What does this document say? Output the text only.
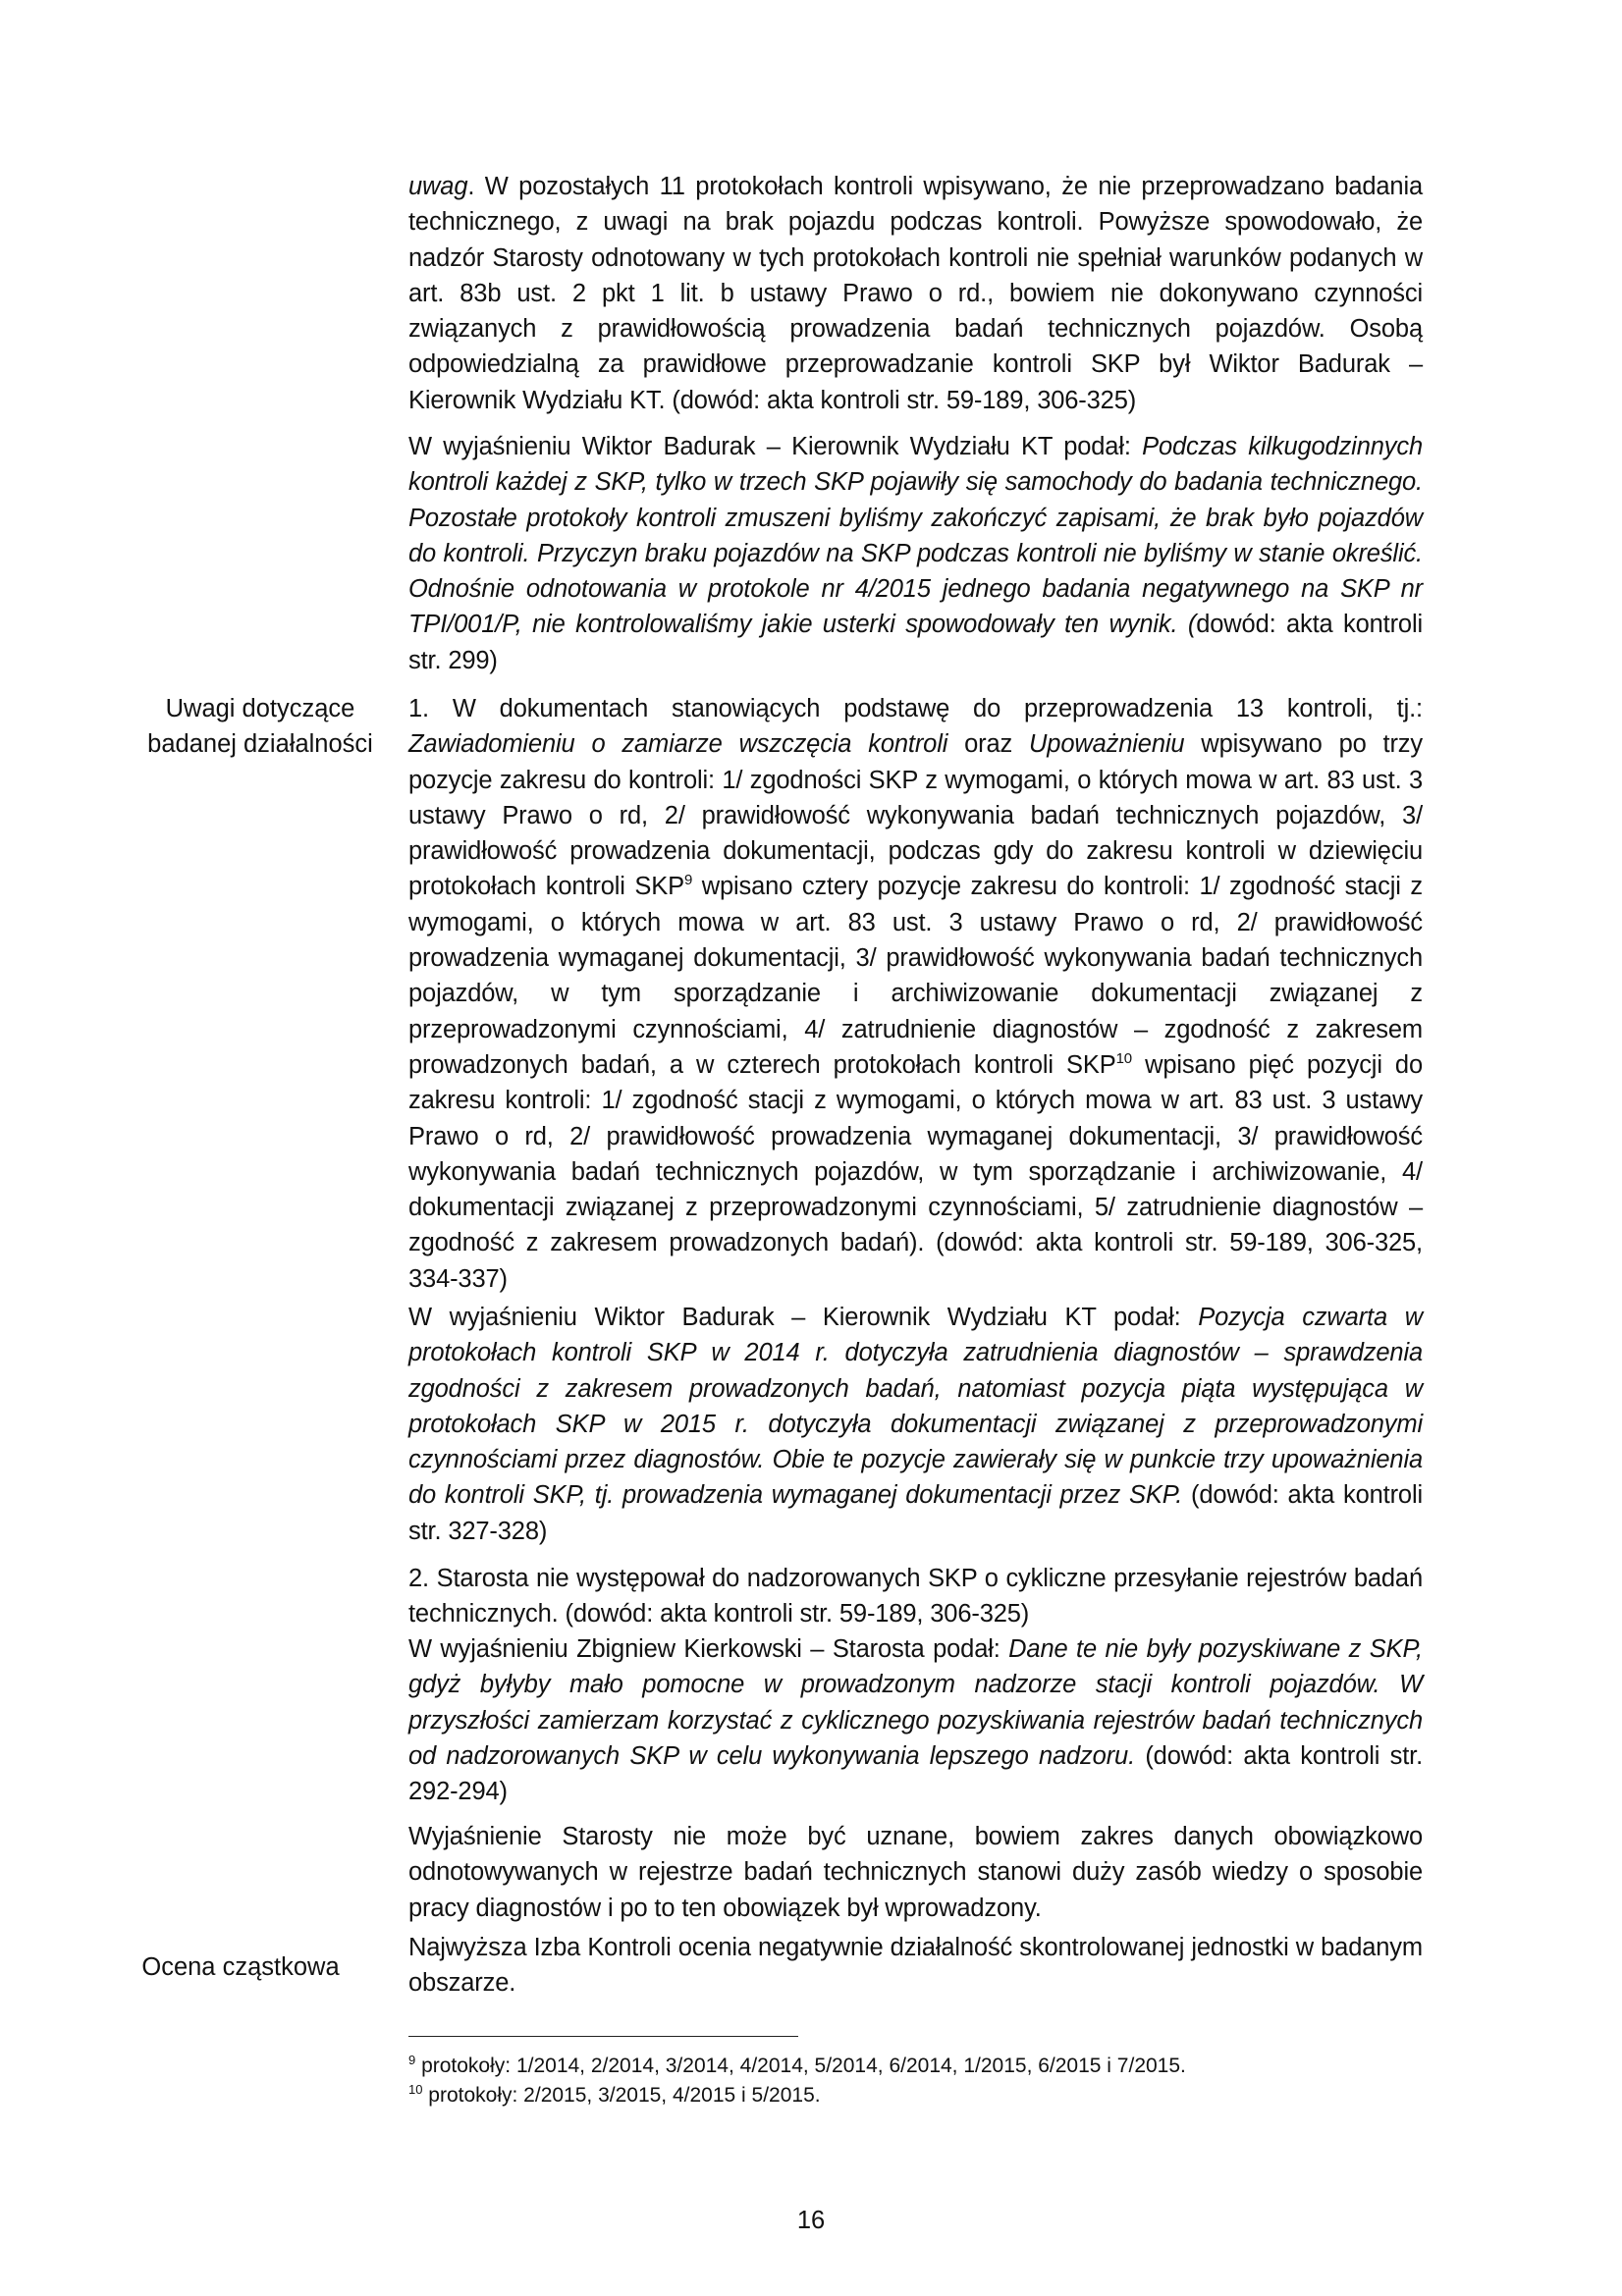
Uwagi dotyczące badanej działalności
Ocena cząstkowa

uwag. W pozostałych 11 protokołach kontroli wpisywano, że nie przeprowadzano badania technicznego, z uwagi na brak pojazdu podczas kontroli. Powyższe spowodowało, że nadzór Starosty odnotowany w tych protokołach kontroli nie spełniał warunków podanych w art. 83b ust. 2 pkt 1 lit. b ustawy Prawo o rd., bowiem nie dokonywano czynności związanych z prawidłowością prowadzenia badań technicznych pojazdów. Osobą odpowiedzialną za prawidłowe przeprowadzanie kontroli SKP był Wiktor Badurak – Kierownik Wydziału KT. (dowód: akta kontroli str. 59-189, 306-325)

W wyjaśnieniu Wiktor Badurak – Kierownik Wydziału KT podał: Podczas kilkugodzinnych kontroli każdej z SKP, tylko w trzech SKP pojawiły się samochody do badania technicznego. Pozostałe protokoły kontroli zmuszeni byliśmy zakończyć zapisami, że brak było pojazdów do kontroli. Przyczyn braku pojazdów na SKP podczas kontroli nie byliśmy w stanie określić. Odnośnie odnotowania w protokole nr 4/2015 jednego badania negatywnego na SKP nr TPI/001/P, nie kontrolowaliśmy jakie usterki spowodowały ten wynik. (dowód: akta kontroli str. 299)

1. W dokumentach stanowiących podstawę do przeprowadzenia 13 kontroli, tj.: Zawiadomieniu o zamiarze wszczęcia kontroli oraz Upoważnieniu wpisywano po trzy pozycje zakresu do kontroli: 1/ zgodności SKP z wymogami, o których mowa w art. 83 ust. 3 ustawy Prawo o rd, 2/ prawidłowość wykonywania badań technicznych pojazdów, 3/ prawidłowość prowadzenia dokumentacji, podczas gdy do zakresu kontroli w dziewięciu protokołach kontroli SKP$^9$ wpisano cztery pozycje zakresu do kontroli: 1/ zgodność stacji z wymogami, o których mowa w art. 83 ust. 3 ustawy Prawo o rd, 2/ prawidłowość prowadzenia wymaganej dokumentacji, 3/ prawidłowość wykonywania badań technicznych pojazdów, w tym sporządzanie i archiwizowanie dokumentacji związanej z przeprowadzonymi czynnościami, 4/ zatrudnienie diagnostów – zgodność z zakresem prowadzonych badań, a w czterech protokołach kontroli SKP$^{10}$ wpisano pięć pozycji do zakresu kontroli: 1/ zgodność stacji z wymogami, o których mowa w art. 83 ust. 3 ustawy Prawo o rd, 2/ prawidłowość prowadzenia wymaganej dokumentacji, 3/ prawidłowość wykonywania badań technicznych pojazdów, w tym sporządzanie i archiwizowanie, 4/ dokumentacji związanej z przeprowadzonymi czynnościami, 5/ zatrudnienie diagnostów – zgodność z zakresem prowadzonych badań). (dowód: akta kontroli str. 59-189, 306-325, 334-337)

W wyjaśnieniu Wiktor Badurak – Kierownik Wydziału KT podał: Pozycja czwarta w protokołach kontroli SKP w 2014 r. dotyczyła zatrudnienia diagnostów – sprawdzenia zgodności z zakresem prowadzonych badań, natomiast pozycja piąta występująca w protokołach SKP w 2015 r. dotyczyła dokumentacji związanej z przeprowadzonymi czynnościami przez diagnostów. Obie te pozycje zawierały się w punkcie trzy upoważnienia do kontroli SKP, tj. prowadzenia wymaganej dokumentacji przez SKP. (dowód: akta kontroli str. 327-328)

2. Starosta nie występował do nadzorowanych SKP o cykliczne przesyłanie rejestrów badań technicznych. (dowód: akta kontroli str. 59-189, 306-325)

W wyjaśnieniu Zbigniew Kierkowski – Starosta podał: Dane te nie były pozyskiwane z SKP, gdyż byłyby mało pomocne w prowadzonym nadzorze stacji kontroli pojazdów. W przyszłości zamierzam korzystać z cyklicznego pozyskiwania rejestrów badań technicznych od nadzorowanych SKP w celu wykonywania lepszego nadzoru. (dowód: akta kontroli str. 292-294)

Wyjaśnienie Starosty nie może być uznane, bowiem zakres danych obowiązkowo odnotowywanych w rejestrze badań technicznych stanowi duży zasób wiedzy o sposobie pracy diagnostów i po to ten obowiązek był wprowadzony.

Najwyższa Izba Kontroli ocenia negatywnie działalność skontrolowanej jednostki w badanym obszarze.

$^9$ protokoły: 1/2014, 2/2014, 3/2014, 4/2014, 5/2014, 6/2014, 1/2015, 6/2015 i 7/2015.

$^{10}$ protokoły: 2/2015, 3/2015, 4/2015 i 5/2015.

16
